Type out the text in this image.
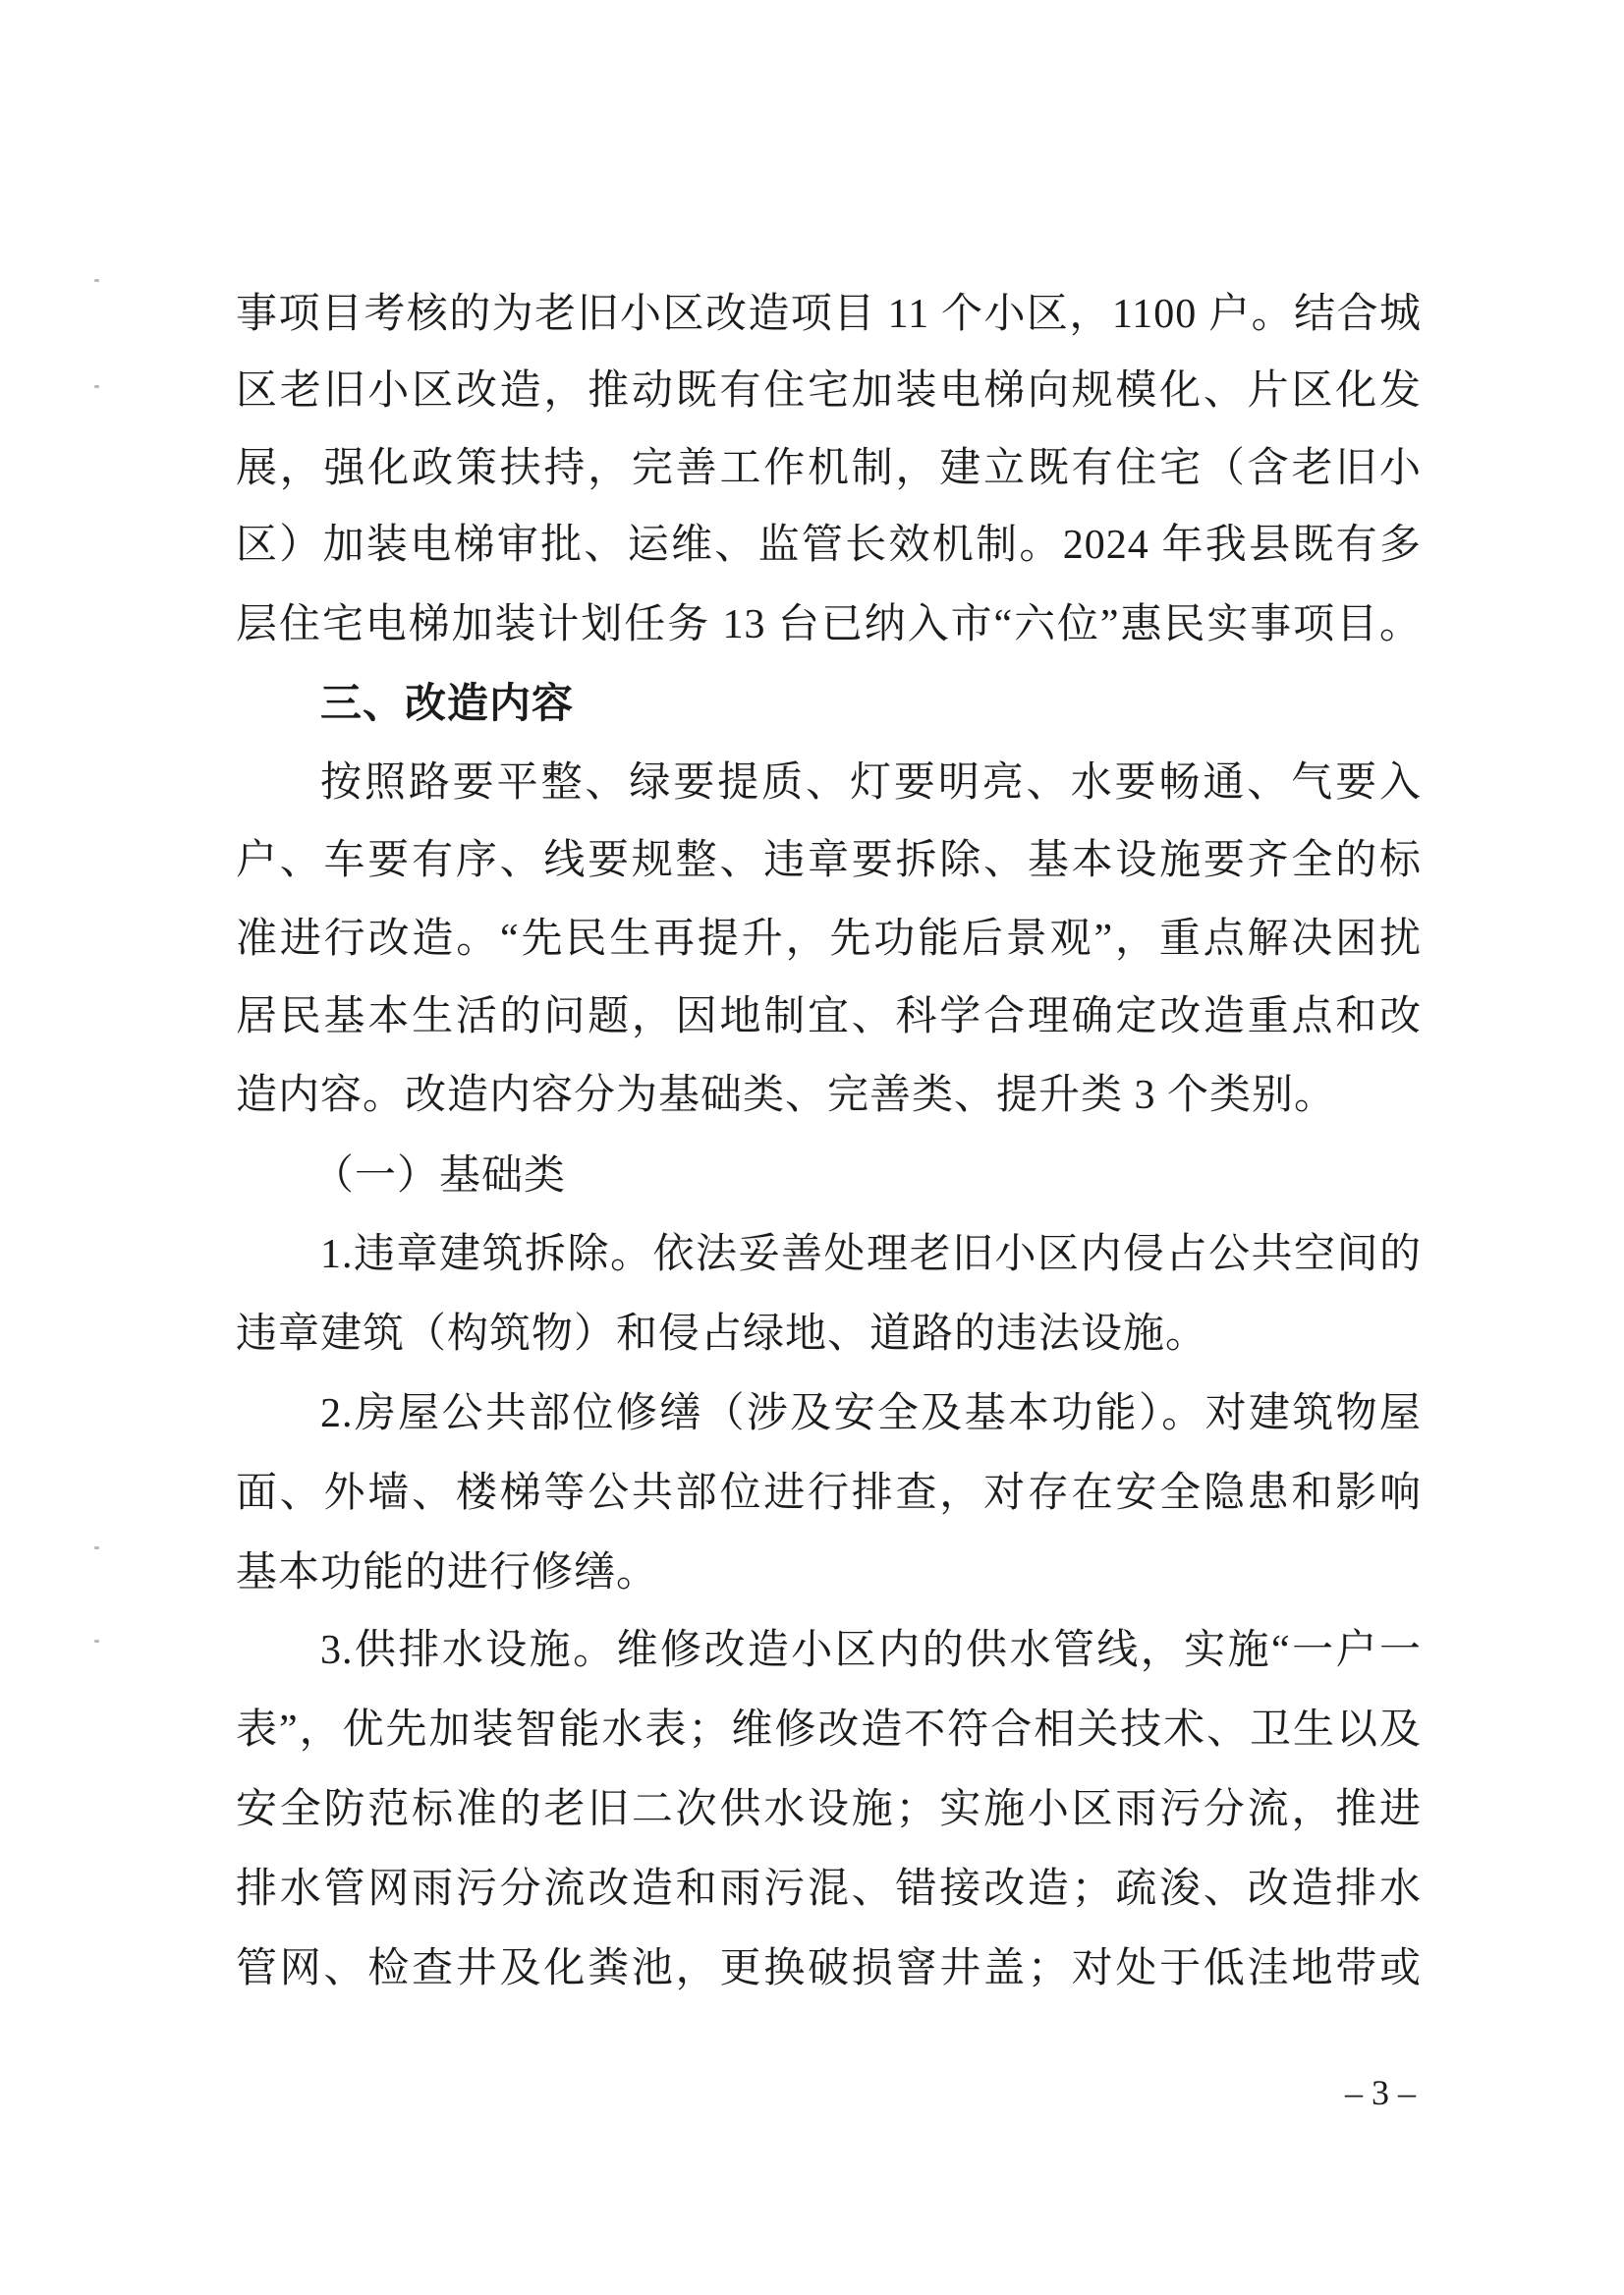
事项目考核的为老旧小区改造项目 11 个小区，1100 户。结合城
区老旧小区改造，推动既有住宅加装电梯向规模化、片区化发
展，强化政策扶持，完善工作机制，建立既有住宅（含老旧小
区）加装电梯审批、运维、监管长效机制。2024 年我县既有多
层住宅电梯加装计划任务 13 台已纳入市“六位”惠民实事项目。
三、改造内容
按照路要平整、绿要提质、灯要明亮、水要畅通、气要入
户、车要有序、线要规整、违章要拆除、基本设施要齐全的标
准进行改造。“先民生再提升，先功能后景观”，重点解决困扰
居民基本生活的问题，因地制宜、科学合理确定改造重点和改
造内容。改造内容分为基础类、完善类、提升类 3 个类别。
（一）基础类
1.违章建筑拆除。依法妥善处理老旧小区内侵占公共空间的
违章建筑（构筑物）和侵占绿地、道路的违法设施。
2.房屋公共部位修缮（涉及安全及基本功能）。对建筑物屋
面、外墙、楼梯等公共部位进行排查，对存在安全隐患和影响
基本功能的进行修缮。
3.供排水设施。维修改造小区内的供水管线，实施“一户一
表”，优先加装智能水表；维修改造不符合相关技术、卫生以及
安全防范标准的老旧二次供水设施；实施小区雨污分流，推进
排水管网雨污分流改造和雨污混、错接改造；疏浚、改造排水
管网、检查井及化粪池，更换破损窨井盖；对处于低洼地带或
– 3 –
